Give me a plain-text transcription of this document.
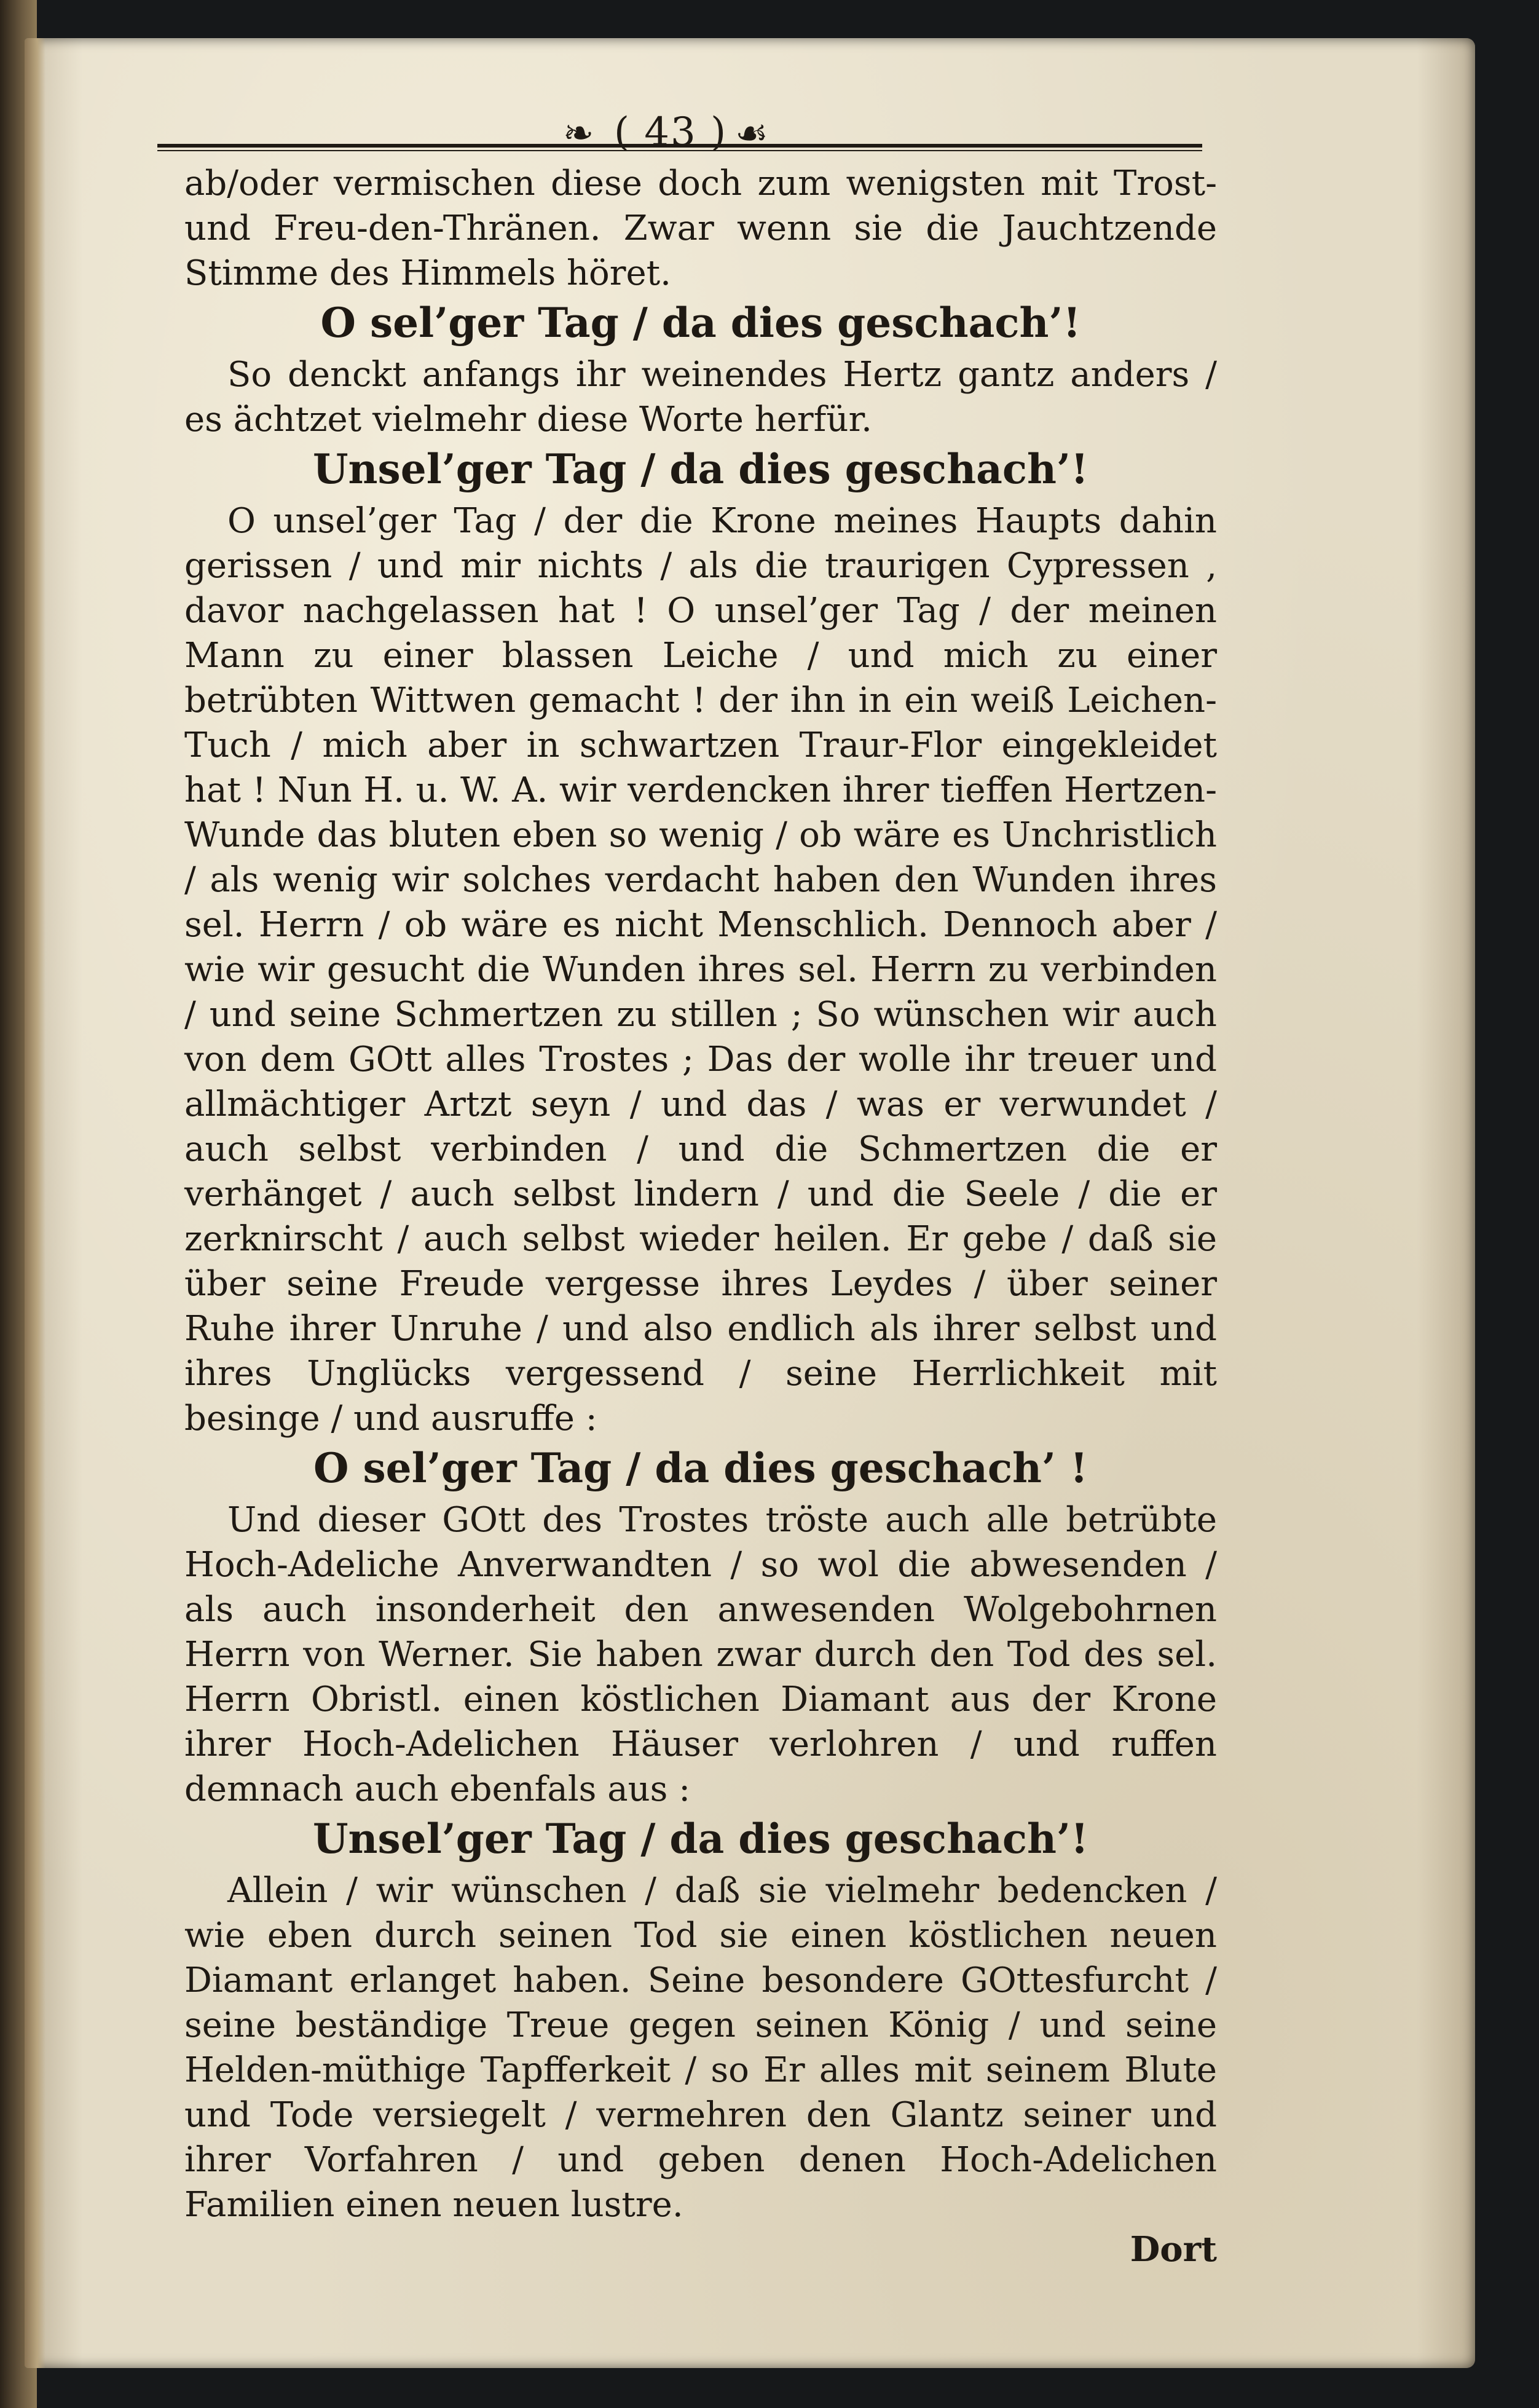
❧ ( 43 ) ☙

ab/oder vermischen diese doch zum wenigsten mit Trost-und Freu-den-Thränen. Zwar wenn sie die Jauchtzende Stimme des Himmels höret.

O sel’ger Tag / da dies geschach’!

So denckt anfangs ihr weinendes Hertz gantz anders / es ächtzet vielmehr diese Worte herfür.

Unsel’ger Tag / da dies geschach’!

O unsel’ger Tag / der die Krone meines Haupts dahin gerissen / und mir nichts / als die traurigen Cypressen , davor nachgelassen hat ! O unsel’ger Tag / der meinen Mann zu einer blassen Leiche / und mich zu einer betrübten Wittwen gemacht ! der ihn in ein weiß Leichen-Tuch / mich aber in schwartzen Traur-Flor eingekleidet hat ! Nun H. u. W. A. wir verdencken ihrer tieffen Hertzen-Wunde das bluten eben so wenig / ob wäre es Unchristlich / als wenig wir solches verdacht haben den Wunden ihres sel. Herrn / ob wäre es nicht Menschlich. Dennoch aber / wie wir gesucht die Wunden ihres sel. Herrn zu verbinden / und seine Schmertzen zu stillen ; So wünschen wir auch von dem GOtt alles Trostes ; Das der wolle ihr treuer und allmächtiger Artzt seyn / und das / was er verwundet / auch selbst verbinden / und die Schmertzen die er verhänget / auch selbst lindern / und die Seele / die er zerknirscht / auch selbst wieder heilen. Er gebe / daß sie über seine Freude vergesse ihres Leydes / über seiner Ruhe ihrer Unruhe / und also endlich als ihrer selbst und ihres Unglücks vergessend / seine Herrlichkeit mit besinge / und ausruffe :

O sel’ger Tag / da dies geschach’ !

Und dieser GOtt des Trostes tröste auch alle betrübte Hoch-Adeliche Anverwandten / so wol die abwesenden / als auch insonderheit den anwesenden Wolgebohrnen Herrn von Werner. Sie haben zwar durch den Tod des sel. Herrn Obristl. einen köstlichen Diamant aus der Krone ihrer Hoch-Adelichen Häuser verlohren / und ruffen demnach auch ebenfals aus :

Unsel’ger Tag / da dies geschach’!

Allein / wir wünschen / daß sie vielmehr bedencken / wie eben durch seinen Tod sie einen köstlichen neuen Diamant erlanget haben. Seine besondere GOttesfurcht / seine beständige Treue gegen seinen König / und seine Helden-müthige Tapfferkeit / so Er alles mit seinem Blute und Tode versiegelt / vermehren den Glantz seiner und ihrer Vorfahren / und geben denen Hoch-Adelichen Familien einen neuen lustre.

Dort
